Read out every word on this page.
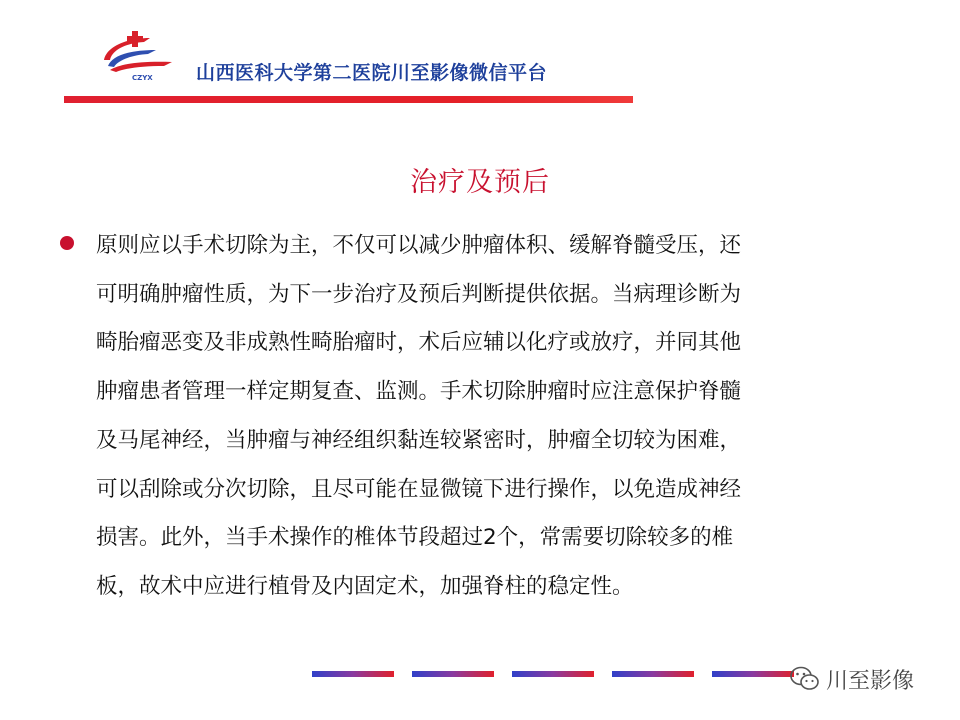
CZYX 山西医科大学第二医院川至影像微信平台
治疗及预后
原则应以手术切除为主，不仅可以减少肿瘤体积、缓解脊髓受压，还
可明确肿瘤性质，为下一步治疗及预后判断提供依据。当病理诊断为
畸胎瘤恶变及非成熟性畸胎瘤时，术后应辅以化疗或放疗，并同其他
肿瘤患者管理一样定期复查、监测。手术切除肿瘤时应注意保护脊髓
及马尾神经，当肿瘤与神经组织黏连较紧密时，肿瘤全切较为困难，
可以刮除或分次切除，且尽可能在显微镜下进行操作，以免造成神经
损害。此外，当手术操作的椎体节段超过2个，常需要切除较多的椎
板，故术中应进行植骨及内固定术，加强脊柱的稳定性。
川至影像
